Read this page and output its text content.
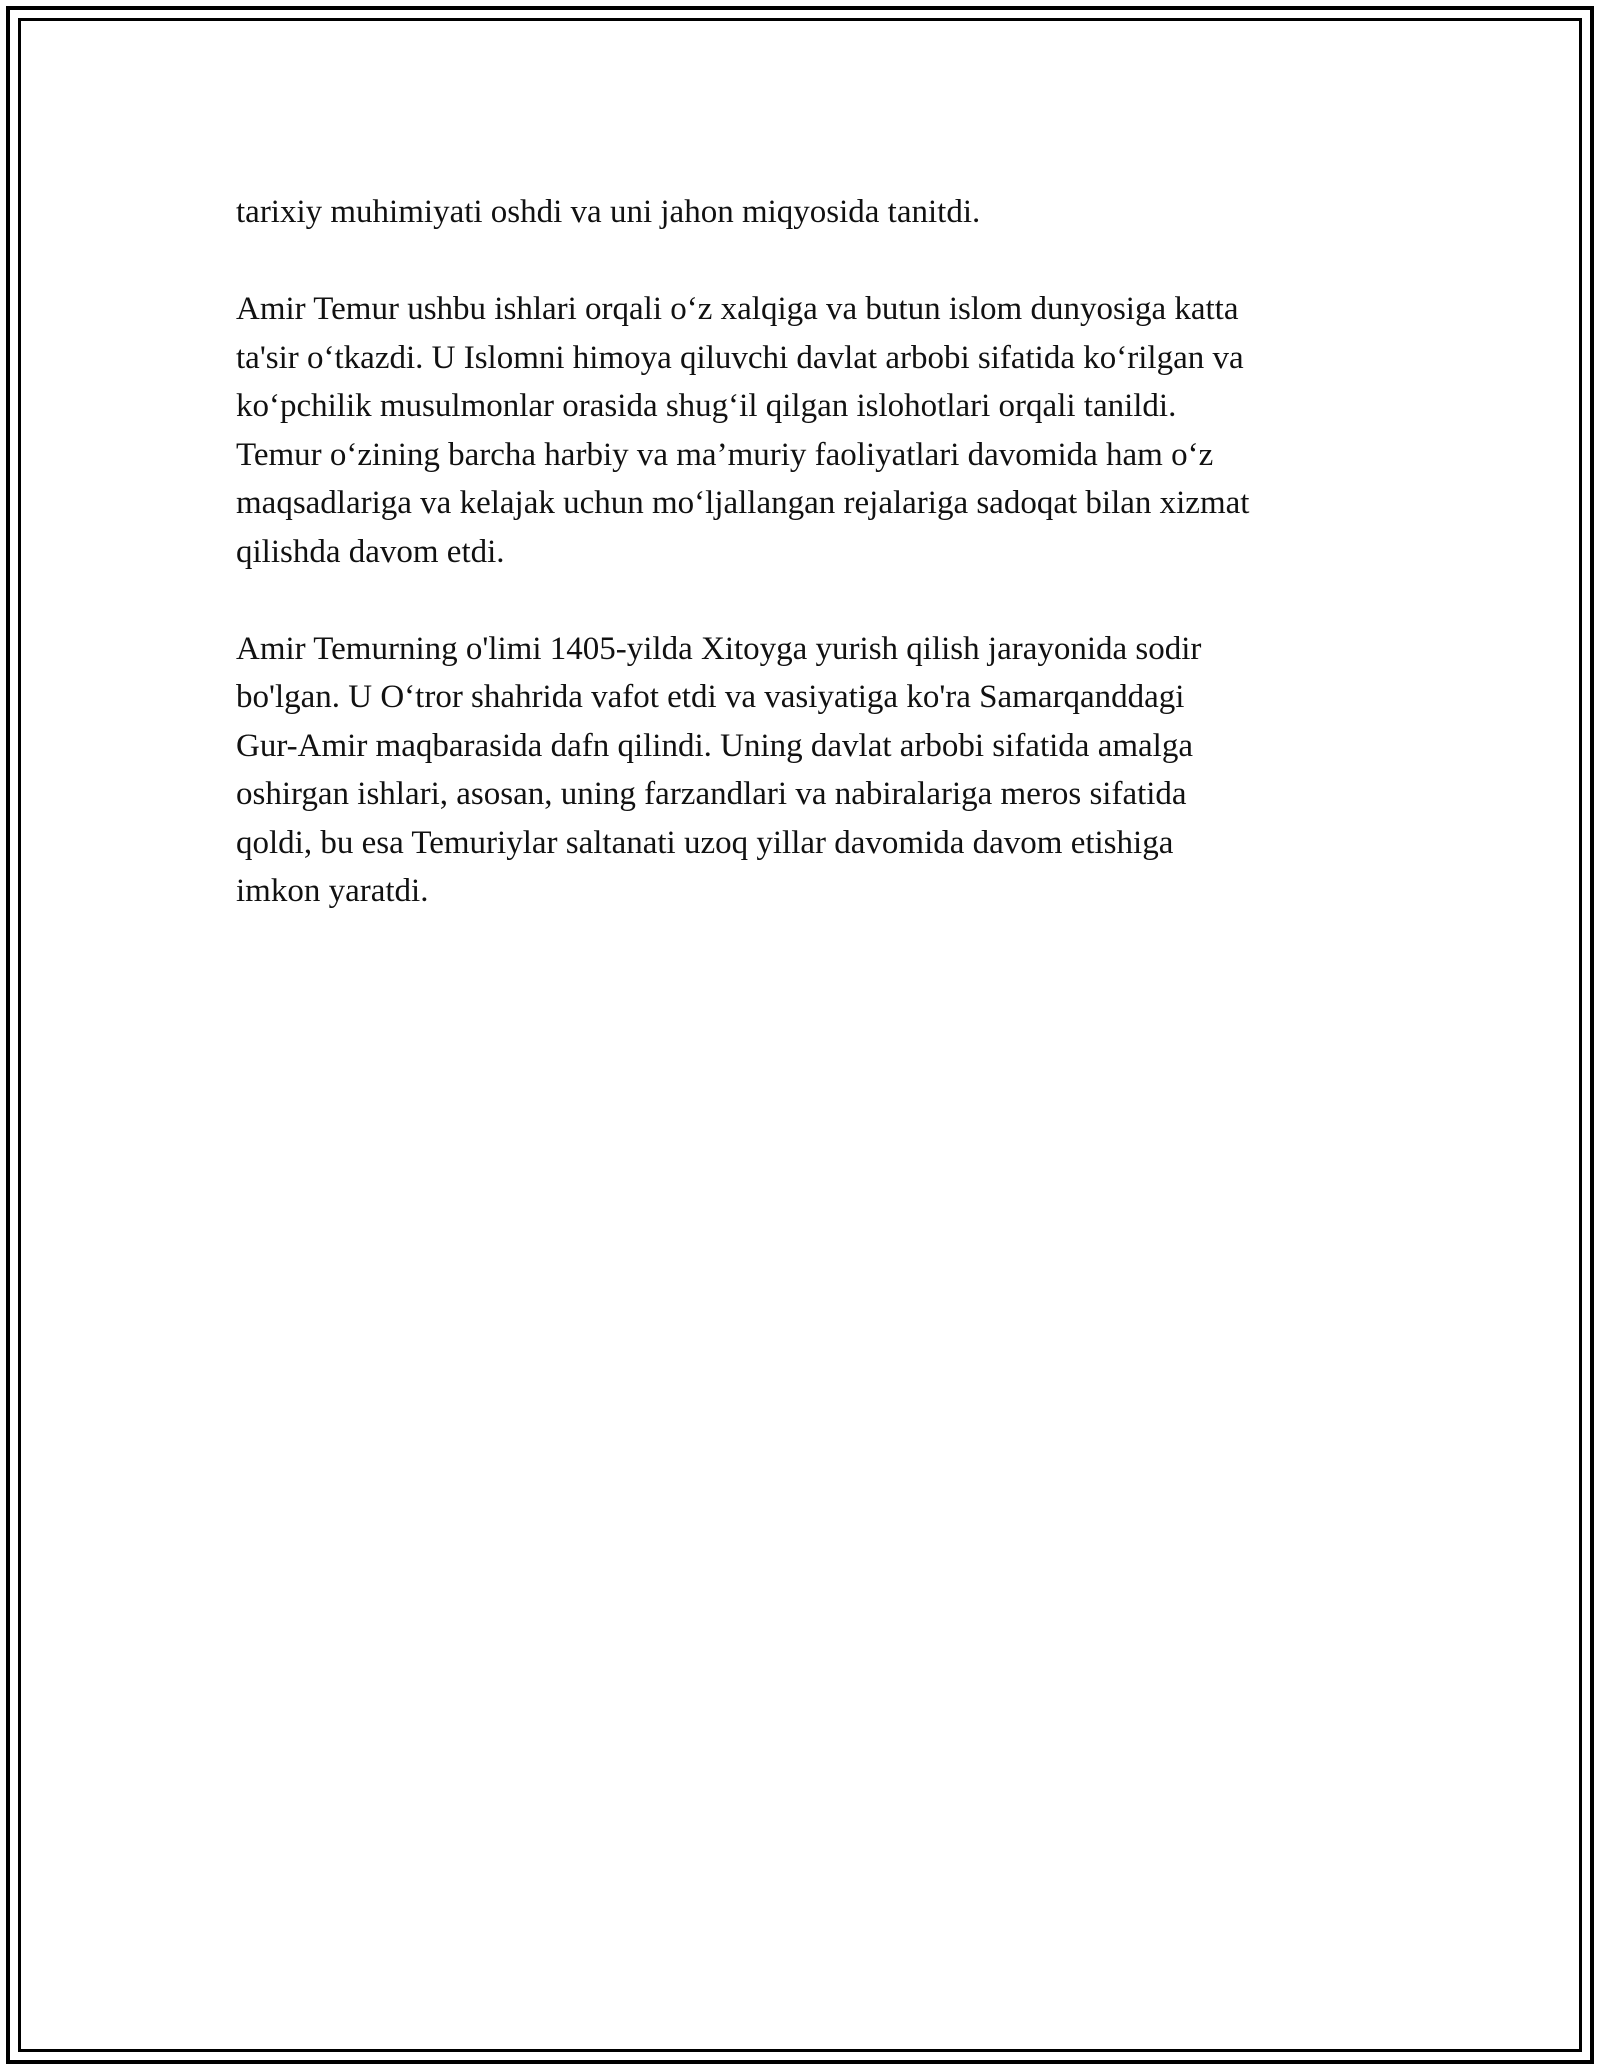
tarixiy muhimiyati oshdi va uni jahon miqyosida tanitdi.
Amir Temur ushbu ishlari orqali o‘z xalqiga va butun islom dunyosiga katta
ta'sir o‘tkazdi. U Islomni himoya qiluvchi davlat arbobi sifatida ko‘rilgan va
ko‘pchilik musulmonlar orasida shug‘il qilgan islohotlari orqali tanildi.
Temur o‘zining barcha harbiy va ma’muriy faoliyatlari davomida ham o‘z
maqsadlariga va kelajak uchun mo‘ljallangan rejalariga sadoqat bilan xizmat
qilishda davom etdi.
Amir Temurning o'limi 1405-yilda Xitoyga yurish qilish jarayonida sodir
bo'lgan. U O‘tror shahrida vafot etdi va vasiyatiga ko'ra Samarqanddagi
Gur-Amir maqbarasida dafn qilindi. Uning davlat arbobi sifatida amalga
oshirgan ishlari, asosan, uning farzandlari va nabiralariga meros sifatida
qoldi, bu esa Temuriylar saltanati uzoq yillar davomida davom etishiga
imkon yaratdi.
